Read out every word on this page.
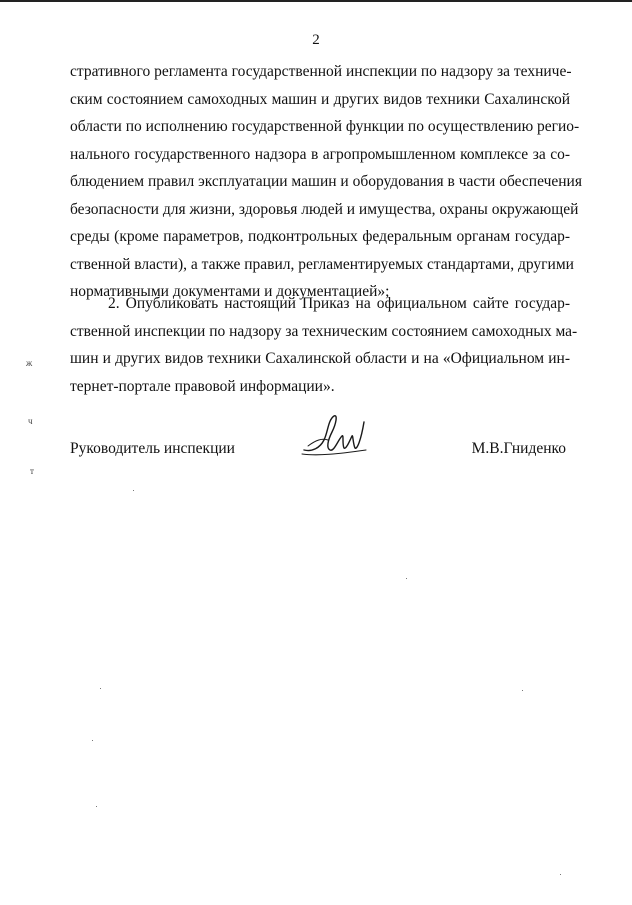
2
стративного регламента государственной инспекции по надзору за техниче-
ским состоянием самоходных машин и других видов техники Сахалинской
области по исполнению государственной функции по осуществлению регио-
нального государственного надзора в агропромышленном комплексе за со-
блюдением правил эксплуатации машин и оборудования в части обеспечения
безопасности для жизни, здоровья людей и имущества, охраны окружающей
среды (кроме параметров, подконтрольных федеральным органам государ-
ственной власти), а также правил, регламентируемых стандартами, другими
нормативными документами и документацией»;
2. Опубликовать настоящий Приказ на официальном сайте государ-
ственной инспекции по надзору за техническим состоянием самоходных ма-
шин и других видов техники Сахалинской области и на «Официальном ин-
тернет-портале правовой информации».
Руководитель инспекции	М.В.Гниденко
ж
ч
т
